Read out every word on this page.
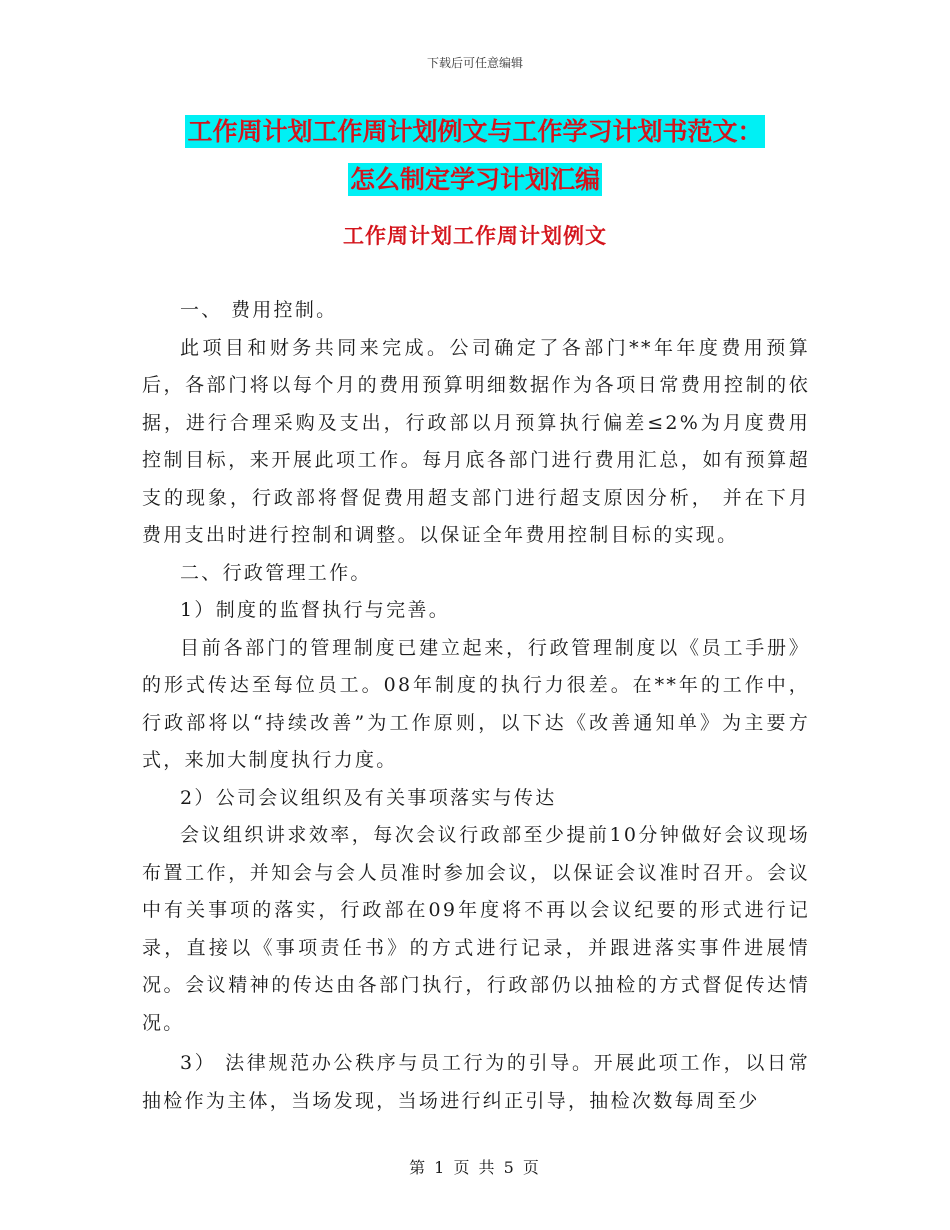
下载后可任意编辑
工作周计划工作周计划例文与工作学习计划书范文：
怎么制定学习计划汇编
工作周计划工作周计划例文

一、 费用控制。

此项目和财务共同来完成。公司确定了各部门**年年度费用预算后，各部门将以每个月的费用预算明细数据作为各项日常费用控制的依据，进行合理采购及支出，行政部以月预算执行偏差≤2%为月度费用控制目标，来开展此项工作。每月底各部门进行费用汇总，如有预算超支的现象，行政部将督促费用超支部门进行超支原因分析， 并在下月费用支出时进行控制和调整。以保证全年费用控制目标的实现。

二、行政管理工作。

1）制度的监督执行与完善。

目前各部门的管理制度已建立起来，行政管理制度以《员工手册》的形式传达至每位员工。08年制度的执行力很差。在**年的工作中，行政部将以“持续改善”为工作原则，以下达《改善通知单》为主要方式，来加大制度执行力度。

2）公司会议组织及有关事项落实与传达

会议组织讲求效率，每次会议行政部至少提前10分钟做好会议现场布置工作，并知会与会人员准时参加会议，以保证会议准时召开。会议中有关事项的落实，行政部在09年度将不再以会议纪要的形式进行记录，直接以《事项责任书》的方式进行记录，并跟进落实事件进展情况。会议精神的传达由各部门执行，行政部仍以抽检的方式督促传达情况。

3） 法律规范办公秩序与员工行为的引导。开展此项工作，以日常抽检作为主体，当场发现，当场进行纠正引导，抽检次数每周至少

第 1 页 共 5 页
